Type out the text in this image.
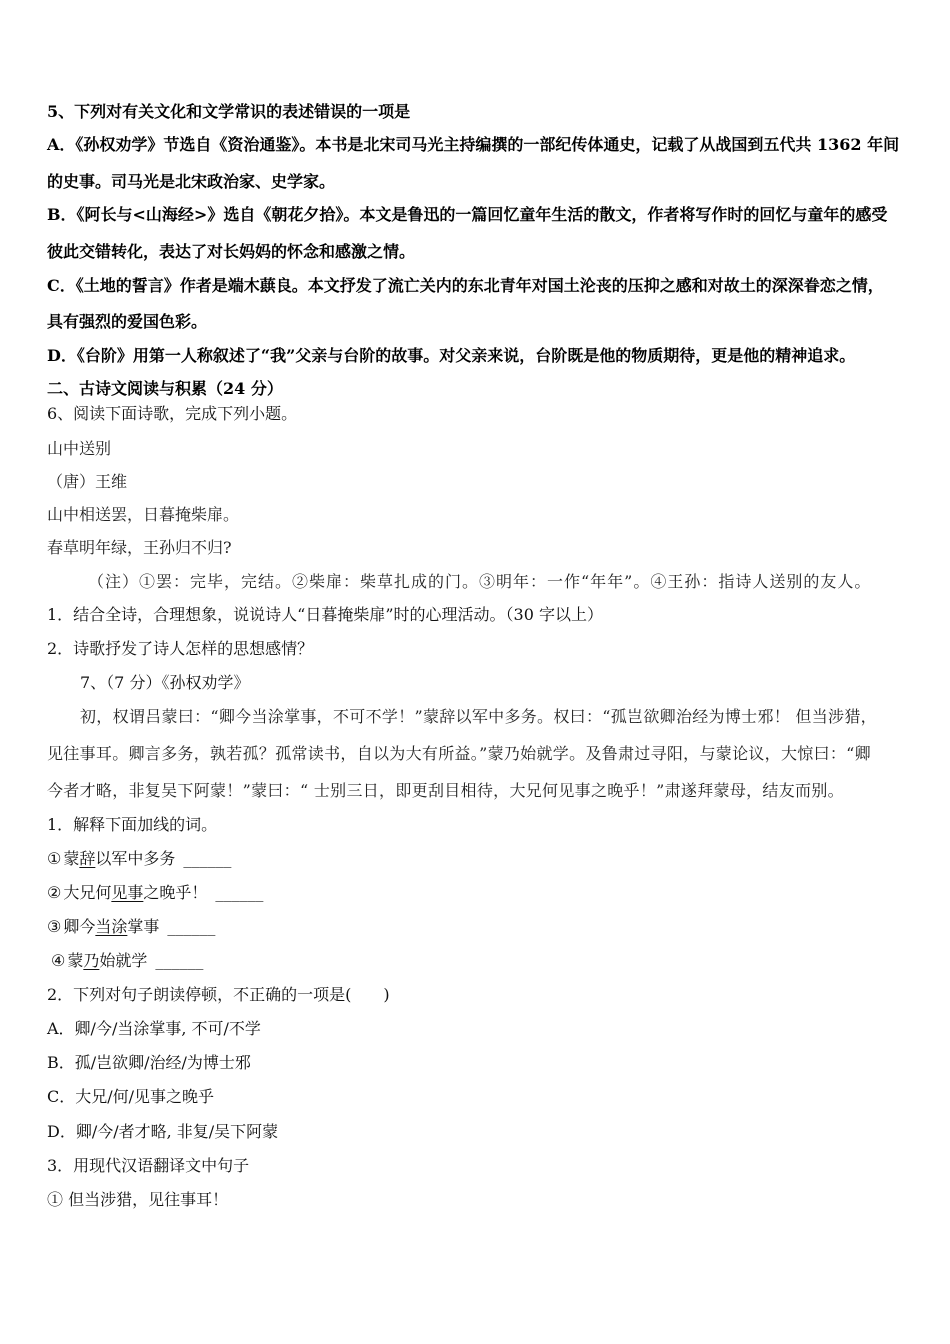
5、下列对有关文化和文学常识的表述错误的一项是
A．《孙权劝学》节选自《资治通鉴》。本书是北宋司马光主持编撰的一部纪传体通史，记载了从战国到五代共 1362 年间
的史事。司马光是北宋政治家、史学家。
B．《阿长与<山海经>》选自《朝花夕拾》。本文是鲁迅的一篇回忆童年生活的散文，作者将写作时的回忆与童年的感受
彼此交错转化，表达了对长妈妈的怀念和感激之情。
C．《土地的誓言》作者是端木蕻良。本文抒发了流亡关内的东北青年对国土沦丧的压抑之感和对故土的深深眷恋之情，
具有强烈的爱国色彩。
D．《台阶》用第一人称叙述了“我”父亲与台阶的故事。对父亲来说，台阶既是他的物质期待，更是他的精神追求。
二、古诗文阅读与积累（24 分）
6、阅读下面诗歌，完成下列小题。
山中送别
（唐）王维
山中相送罢，日暮掩柴扉。
春草明年绿，王孙归不归?
（注）①罢：完毕，完结。②柴扉：柴草扎成的门。③明年：一作“年年”。④王孙：指诗人送别的友人。
1．结合全诗，合理想象，说说诗人“日暮掩柴扉”时的心理活动。（30 字以上）
2．诗歌抒发了诗人怎样的思想感情？
7、（7 分）《孙权劝学》
初，权谓吕蒙曰：“卿今当涂掌事，不可不学！”蒙辞以军中多务。权曰：“孤岂欲卿治经为博士邪！ 但当涉猎，
见往事耳。卿言多务，孰若孤？孤常读书，自以为大有所益。”蒙乃始就学。及鲁肃过寻阳，与蒙论议，大惊曰：“卿
今者才略，非复吴下阿蒙！”蒙曰：“ 士别三日，即更刮目相待，大兄何见事之晚乎！”肃遂拜蒙母，结友而别。
1．解释下面加线的词。
① 蒙辞以军中多务 ______
② 大兄何见事之晚乎！ ______
③ 卿今当涂掌事 ______
④ 蒙乃始就学 ______
2．下列对句子朗读停顿，不正确的一项是(　　)
A．卿/今/当涂掌事, 不可/不学
B．孤/岂欲卿/治经/为博士邪
C．大兄/何/见事之晚乎
D．卿/今/者才略, 非复/吴下阿蒙
3．用现代汉语翻译文中句子
① 但当涉猎，见往事耳！
